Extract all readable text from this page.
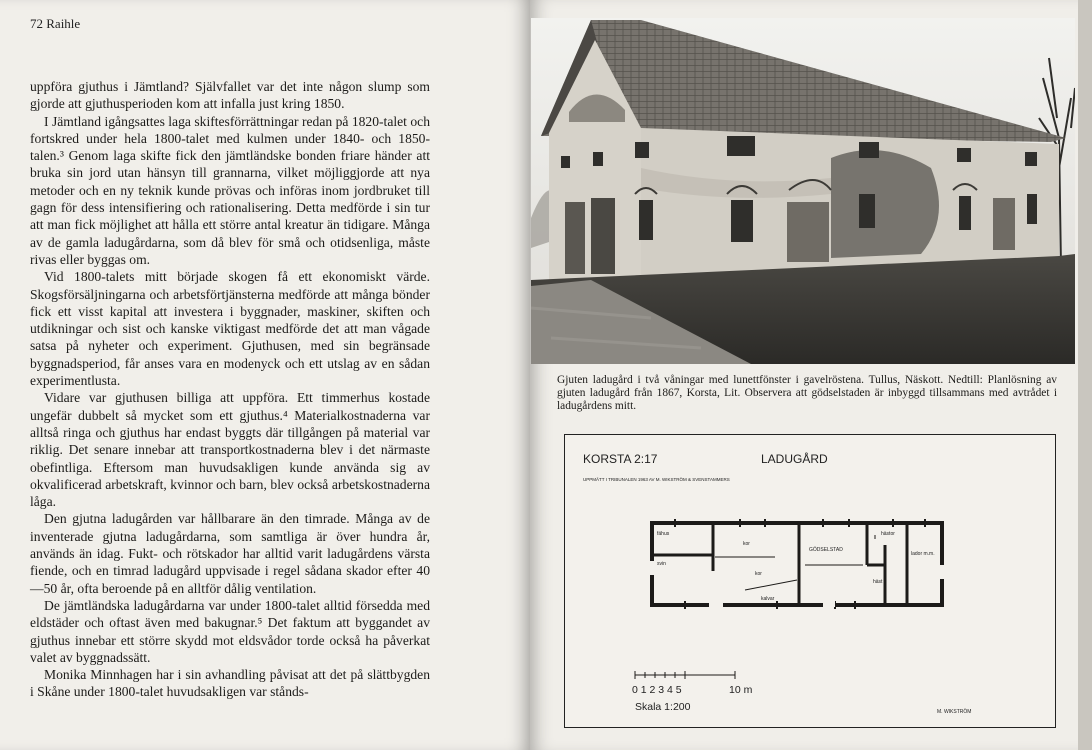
72 Raihle

uppföra gjuthus i Jämtland? Självfallet var det inte någon slump som gjorde att gjuthusperioden kom att infalla just kring 1850.

I Jämtland igångsattes laga skiftesförrättningar redan på 1820-talet och fortskred under hela 1800-talet med kulmen under 1840- och 1850-talen.³ Genom laga skifte fick den jämtländske bonden friare händer att bruka sin jord utan hänsyn till grannarna, vilket möjliggjorde att nya metoder och en ny teknik kunde prövas och införas inom jordbruket till gagn för dess intensifiering och rationalisering. Detta medförde i sin tur att man fick möjlighet att hålla ett större antal kreatur än tidigare. Många av de gamla ladugårdarna, som då blev för små och otidsenliga, måste rivas eller byggas om.

Vid 1800-talets mitt började skogen få ett ekonomiskt värde. Skogsförsäljningarna och arbetsförtjänsterna medförde att många bönder fick ett visst kapital att investera i byggnader, maskiner, skiften och utdikningar och sist och kanske viktigast medförde det att man vågade satsa på nyheter och experiment. Gjuthusen, med sin begränsade byggnadsperiod, får anses vara en modenyck och ett utslag av en sådan experimentlusta.

Vidare var gjuthusen billiga att uppföra. Ett timmerhus kostade ungefär dubbelt så mycket som ett gjuthus.⁴ Materialkostnaderna var alltså ringa och gjuthus har endast byggts där tillgången på material var riklig. Det senare innebar att transportkostnaderna blev i det närmaste obefintliga. Eftersom man huvudsakligen kunde använda sig av okvalificerad arbetskraft, kvinnor och barn, blev också arbetskostnaderna låga.

Den gjutna ladugården var hållbarare än den timrade. Många av de inventerade gjutna ladugårdarna, som samtliga är över hundra år, används än idag. Fukt- och rötskador har alltid varit ladugårdens värsta fiende, och en timrad ladugård uppvisade i regel sådana skador efter 40—50 år, ofta beroende på en alltför dålig ventilation.

De jämtländska ladugårdarna var under 1800-talet alltid försedda med eldstäder och oftast även med bakugnar.⁵ Det faktum att byggandet av gjuthus innebar ett större skydd mot eldsvådor torde också ha påverkat valet av byggnadssätt.

Monika Minnhagen har i sin avhandling påvisat att det på slättbygden i Skåne under 1800-talet huvudsakligen var stånds-

Gjuten ladugård i två våningar med lunettfönster i gavelröstena. Tullus, Näskott. Nedtill: Planlösning av gjuten ladugård från 1867, Korsta, Lit. Observera att gödselstaden är inbyggd tillsammans med avtrådet i ladugårdens mitt.

KORSTA 2:17	LADUGÅRD
UPPMÄTT I TRIBUNALEN 1963 AV M. WIKSTRÖM & SVENSTAMMERS
fähus
svin
kor
kor
kalvar
GÖDSELSTAD
häst
hästor
lador m.m.
0 1 2 3 4 5	10 m
Skala 1:200	M. WIKSTRÖM
